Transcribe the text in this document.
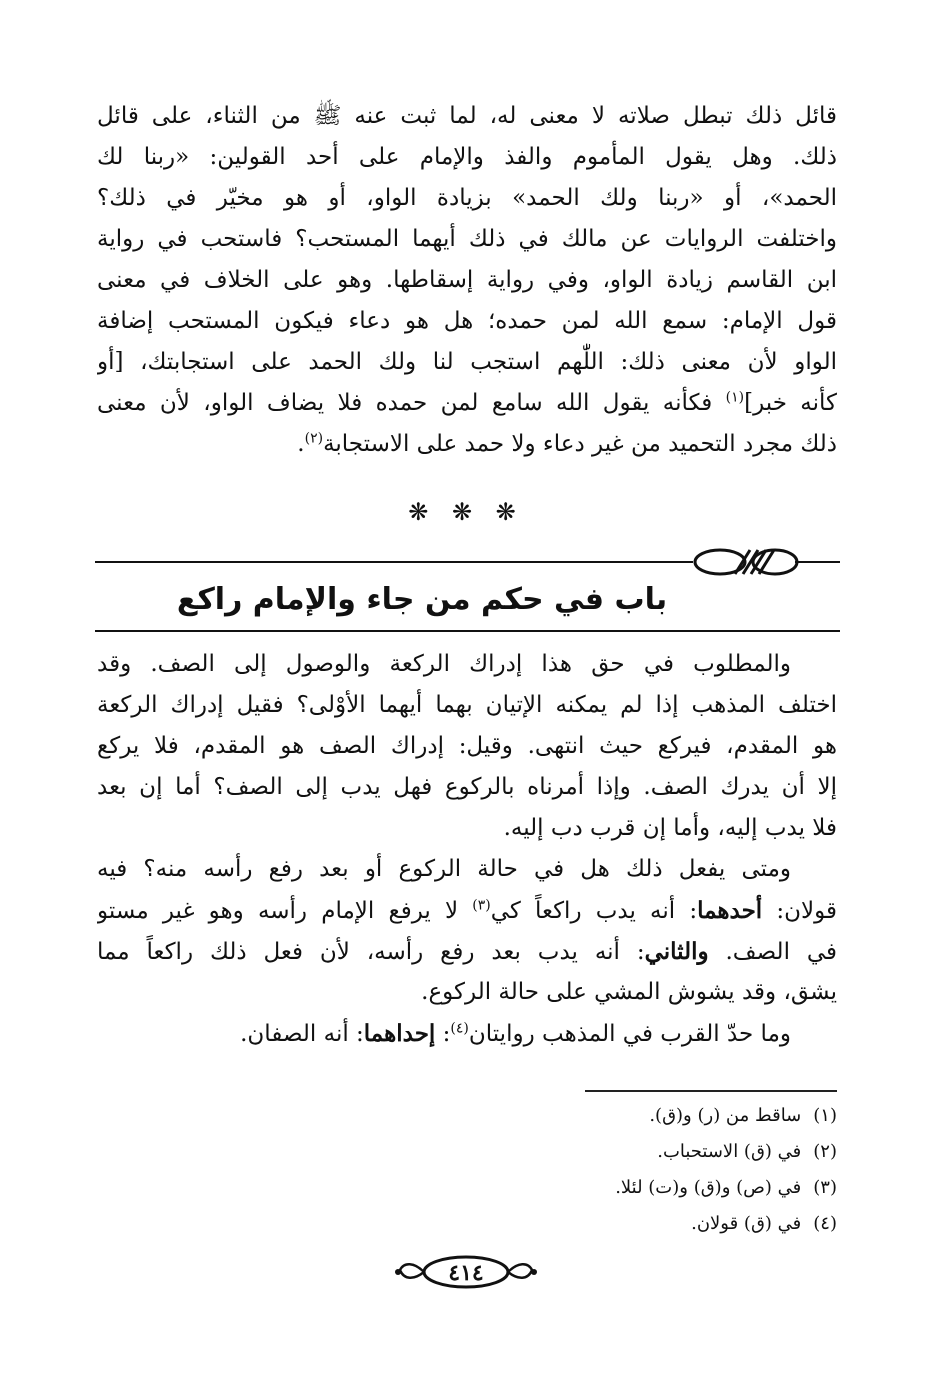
قائل ذلك تبطل صلاته لا معنى له، لما ثبت عنه ﷺ من الثناء، على قائل
ذلك. وهل يقول المأموم والفذ والإمام على أحد القولين: «ربنا لك
الحمد»، أو «ربنا ولك الحمد» بزيادة الواو، أو هو مخيّر في ذلك؟
واختلفت الروايات عن مالك في ذلك أيهما المستحب؟ فاستحب في رواية
ابن القاسم زيادة الواو، وفي رواية إسقاطها. وهو على الخلاف في معنى
قول الإمام: سمع الله لمن حمده؛ هل هو دعاء فيكون المستحب إضافة
الواو لأن معنى ذلك: اللّٰهم استجب لنا ولك الحمد على استجابتك، [أو
كأنه خبر]$^{(١)}$ فكأنه يقول الله سامع لمن حمده فلا يضاف الواو، لأن معنى
ذلك مجرد التحميد من غير دعاء ولا حمد على الاستجابة$^{(٢)}$.
❋ ❋ ❋
باب في حكم من جاء والإمام راكع
والمطلوب في حق هذا إدراك الركعة والوصول إلى الصف. وقد
اختلف المذهب إذا لم يمكنه الإتيان بهما أيهما الأوْلى؟ فقيل إدراك الركعة
هو المقدم، فيركع حيث انتهى. وقيل: إدراك الصف هو المقدم، فلا يركع
إلا أن يدرك الصف. وإذا أمرناه بالركوع فهل يدب إلى الصف؟ أما إن بعد
فلا يدب إليه، وأما إن قرب دب إليه.
ومتى يفعل ذلك هل في حالة الركوع أو بعد رفع رأسه منه؟ فيه
قولان: أحدهما: أنه يدب راكعاً كي$^{(٣)}$ لا يرفع الإمام رأسه وهو غير مستو
في الصف. والثاني: أنه يدب بعد رفع رأسه، لأن فعل ذلك راكعاً مما
يشق، وقد يشوش المشي على حالة الركوع.
وما حدّ القرب في المذهب روايتان$^{(٤)}$: إحداهما: أنه الصفان.
(١)ساقط من (ر) و(ق).
(٢)في (ق) الاستحباب.
(٣)في (ص) و(ق) و(ت) لئلا.
(٤)في (ق) قولان.
٤١٤
